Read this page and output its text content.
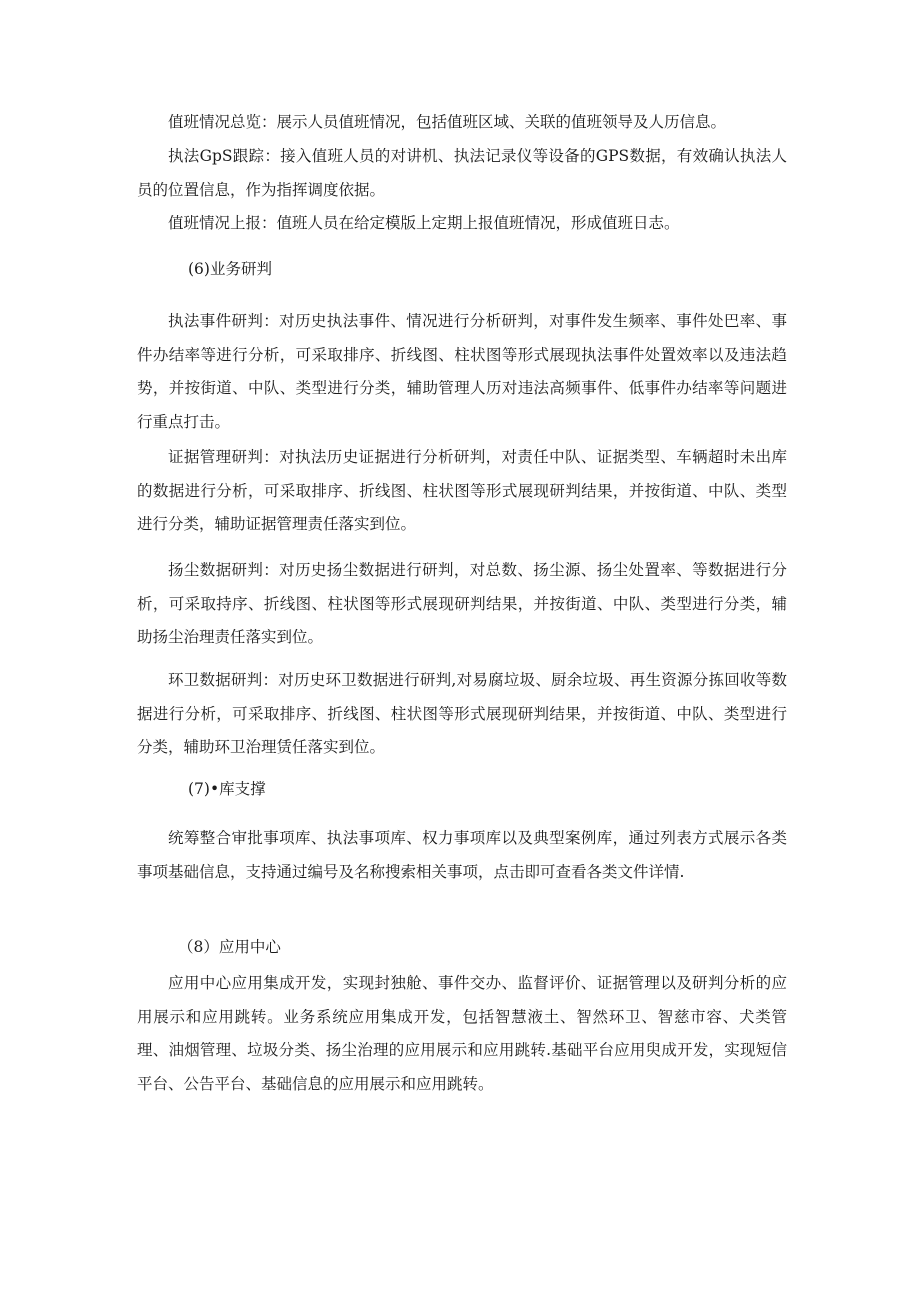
值班情况总览：展示人员值班情况，包括值班区域、关联的值班领导及人历信息。

执法GpS跟踪：接入值班人员的对讲机、执法记录仪等设备的GPS数据，有效确认执法人员的位置信息，作为指挥调度依据。

值班情况上报：值班人员在给定模版上定期上报值班情况，形成值班日志。

(6)业务研判

执法事件研判：对历史执法事件、情况进行分析研判，对事件发生频率、事件处巴率、事件办结率等进行分析，可采取排序、折线图、柱状图等形式展现执法事件处置效率以及违法趋势，并按街道、中队、类型进行分类，辅助管理人历对违法高频事件、低事件办结率等问题进行重点打击。

证据管理研判：对执法历史证据进行分析研判，对责任中队、证据类型、车辆超时未出库的数据进行分析，可采取排序、折线图、柱状图等形式展现研判结果，并按街道、中队、类型进行分类，辅助证据管理责任落实到位。

扬尘数据研判：对历史扬尘数据进行研判，对总数、扬尘源、扬尘处置率、等数据进行分析，可采取持序、折线图、柱状图等形式展现研判结果，并按街道、中队、类型进行分类，辅助扬尘治理责任落实到位。

环卫数据研判：对历史环卫数据进行研判,对易腐垃圾、厨余垃圾、再生资源分拣回收等数据进行分析，可采取排序、折线图、柱状图等形式展现研判结果，并按街道、中队、类型进行分类，辅助环卫治理赁任落实到位。

(7)•库支撑

统筹整合审批事项库、执法事项库、权力事项库以及典型案例库，通过列表方式展示各类事项基础信息，支持通过编号及名称搜索相关事项，点击即可查看各类文件详情.

（8）应用中心

应用中心应用集成开发，实现封独舱、事件交办、监督评价、证据管理以及研判分析的应用展示和应用跳转。业务系统应用集成开发，包括智慧液土、智然环卫、智慈市容、犬类管理、油烟管理、垃圾分类、扬尘治理的应用展示和应用跳转.基础平台应用臾成开发，实现短信平台、公告平台、基础信息的应用展示和应用跳转。
